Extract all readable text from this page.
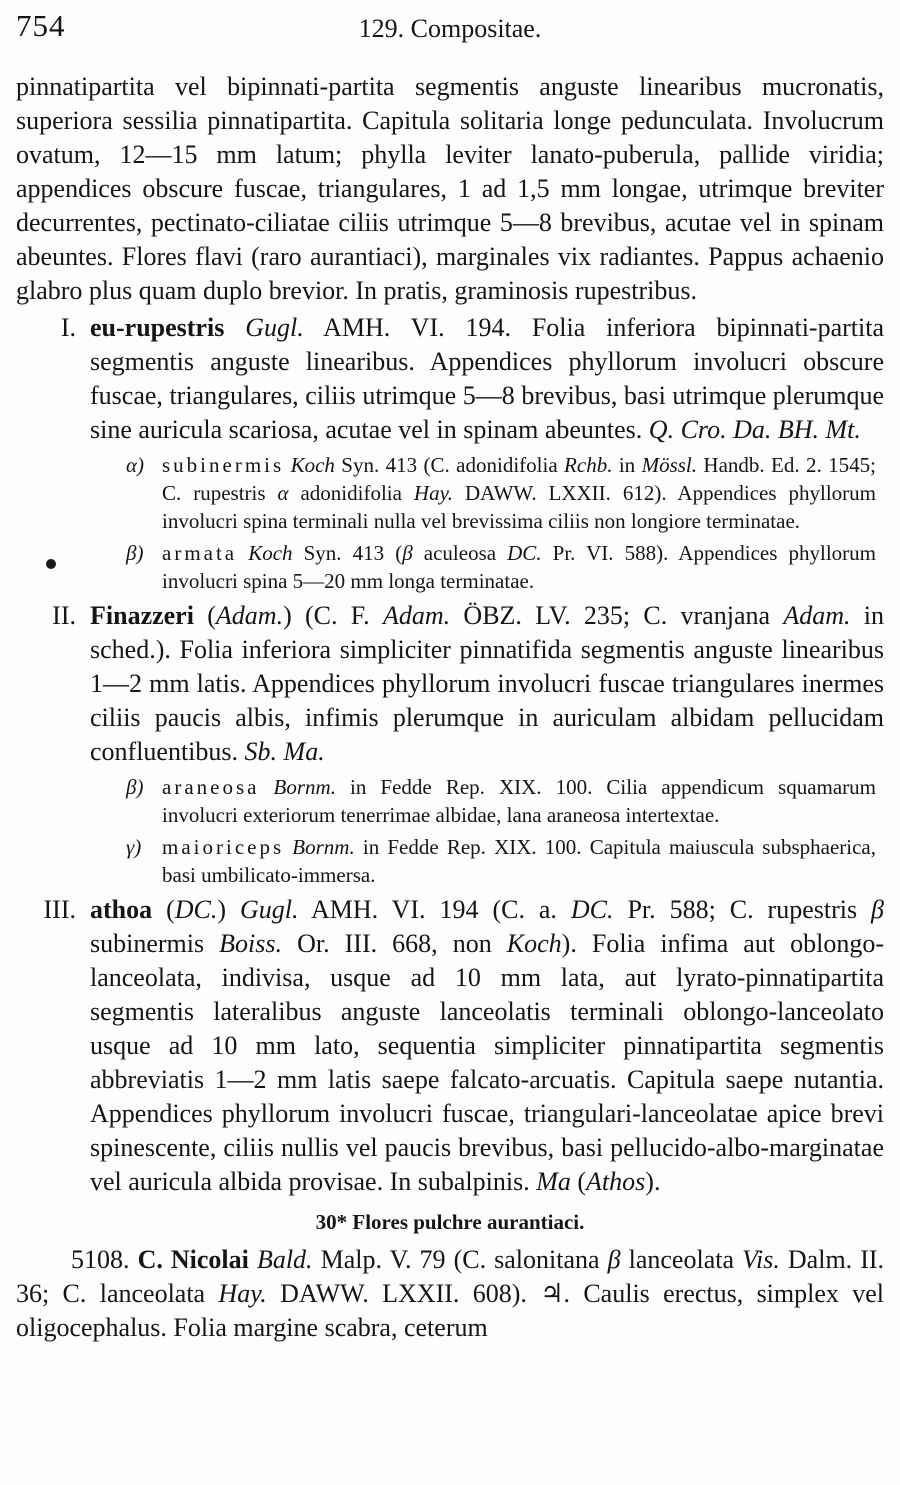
754	129. Compositae.

pinnatipartita vel bipinnati-partita segmentis anguste linearibus mucronatis, superiora sessilia pinnatipartita. Capitula solitaria longe pedunculata. Involucrum ovatum, 12—15 mm latum; phylla leviter lanato-puberula, pallide viridia; appendices obscure fuscae, triangulares, 1 ad 1,5 mm longae, utrimque breviter decurrentes, pectinato-ciliatae ciliis utrimque 5—8 brevibus, acutae vel in spinam abeuntes. Flores flavi (raro aurantiaci), marginales vix radiantes. Pappus achaenio glabro plus quam duplo brevior. In pratis, graminosis rupestribus.

I. eu-rupestris Gugl. AMH. VI. 194. Folia inferiora bipinnati-partita segmentis anguste linearibus. Appendices phyllorum involucri obscure fuscae, triangulares, ciliis utrimque 5—8 brevibus, basi utrimque plerumque sine auricula scariosa, acutae vel in spinam abeuntes. Q. Cro. Da. BH. Mt.

α) subinermis Koch Syn. 413 (C. adonidifolia Rchb. in Mössl. Handb. Ed. 2. 1545; C. rupestris α adonidifolia Hay. DAWW. LXXII. 612). Appendices phyllorum involucri spina terminali nulla vel brevissima ciliis non longiore terminatae.
β) armata Koch Syn. 413 (β aculeosa DC. Pr. VI. 588). Appendices phyllorum involucri spina 5—20 mm longa terminatae.
II. Finazzeri (Adam.) (C. F. Adam. ÖBZ. LV. 235; C. vranjana Adam. in sched.). Folia inferiora simpliciter pinnatifida segmentis anguste linearibus 1—2 mm latis. Appendices phyllorum involucri fuscae triangulares inermes ciliis paucis albis, infimis plerumque in auriculam albidam pellucidam confluentibus. Sb. Ma.

β) araneosa Bornm. in Fedde Rep. XIX. 100. Cilia appendicum squamarum involucri exteriorum tenerrimae albidae, lana araneosa intertextae.
γ) maioriceps Bornm. in Fedde Rep. XIX. 100. Capitula maiuscula subsphaerica, basi umbilicato-immersa.
III. athoa (DC.) Gugl. AMH. VI. 194 (C. a. DC. Pr. 588; C. rupestris β subinermis Boiss. Or. III. 668, non Koch). Folia infima aut oblongo-lanceolata, indivisa, usque ad 10 mm lata, aut lyrato-pinnatipartita segmentis lateralibus anguste lanceolatis terminali oblongo-lanceolato usque ad 10 mm lato, sequentia simpliciter pinnatipartita segmentis abbreviatis 1—2 mm latis saepe falcato-arcuatis. Capitula saepe nutantia. Appendices phyllorum involucri fuscae, triangulari-lanceolatae apice brevi spinescente, ciliis nullis vel paucis brevibus, basi pellucido-albo-marginatae vel auricula albida provisae. In subalpinis. Ma (Athos).

30* Flores pulchre aurantiaci.

5108. C. Nicolai Bald. Malp. V. 79 (C. salonitana β lanceolata Vis. Dalm. II. 36; C. lanceolata Hay. DAWW. LXXII. 608). ♃. Caulis erectus, simplex vel oligocephalus. Folia margine scabra, ceterum
